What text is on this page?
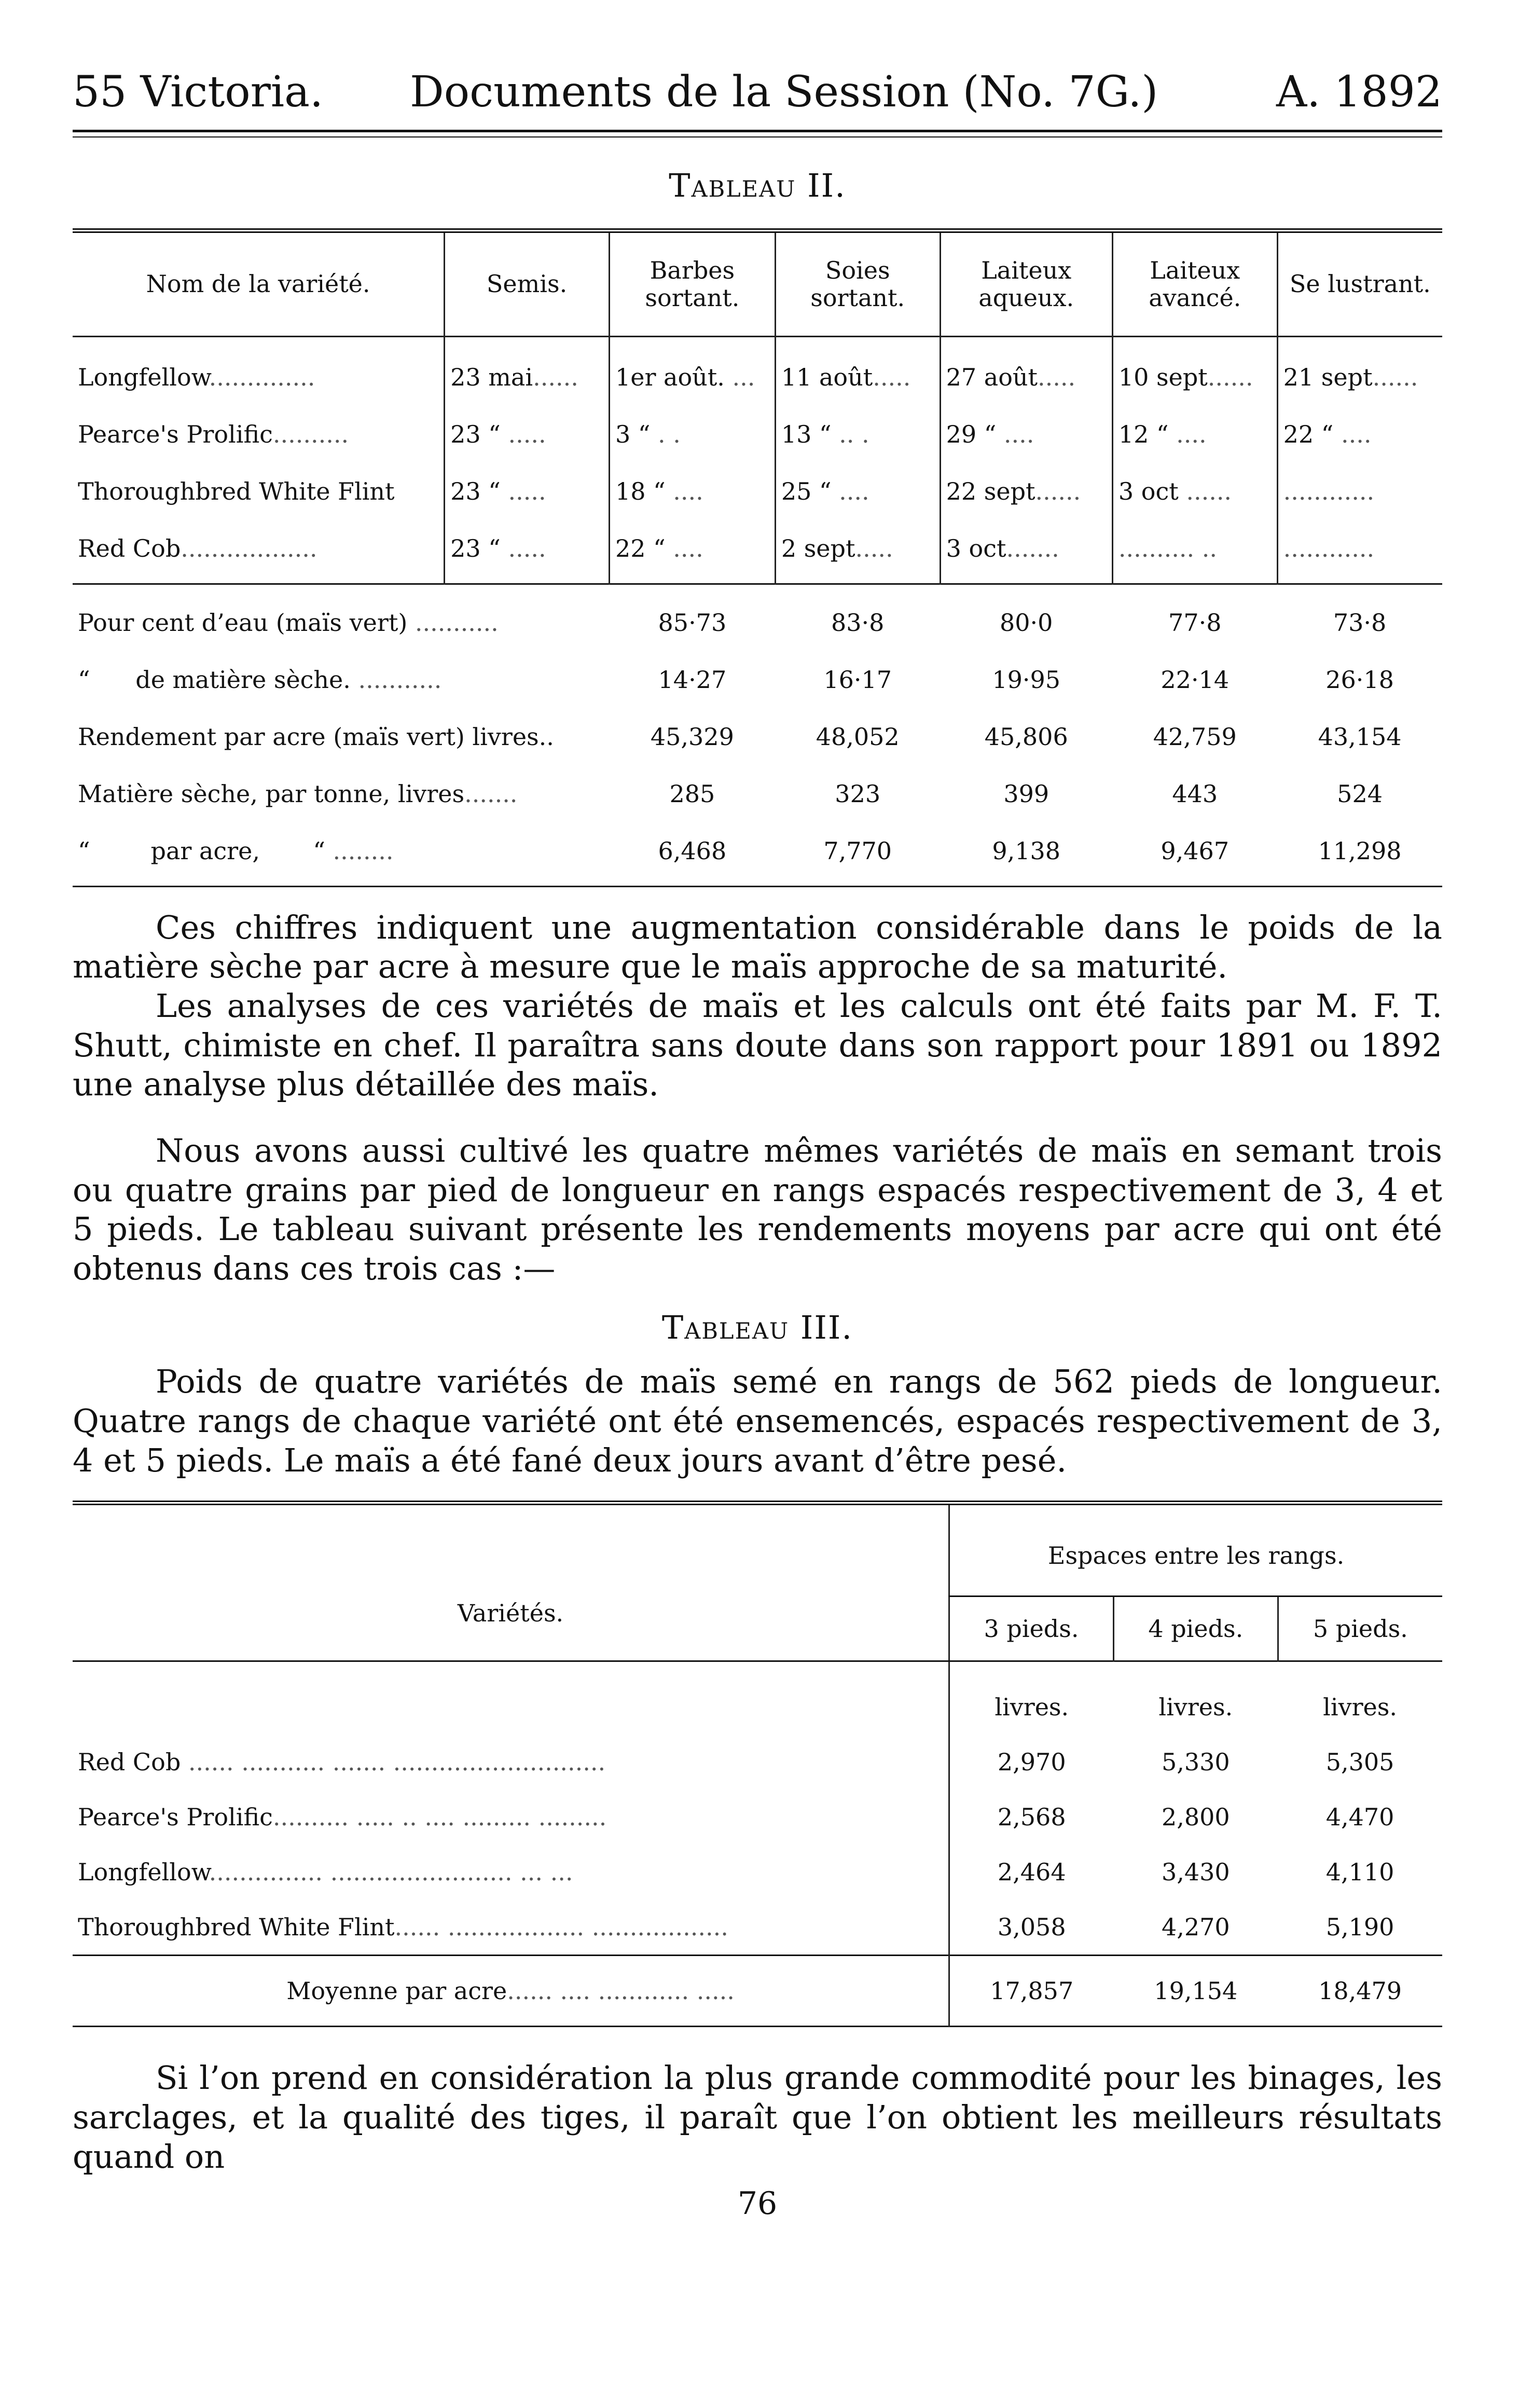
55 Victoria. Documents de la Session (No. 7G.)	A. 1892
Tableau II.
Nom de la variété.	Semis.	Barbes sortant.	Soies sortant.	Laiteux aqueux.	Laiteux avancé.	Se lustrant.
Longfellow..............	23 mai......	1er août. ...	11 août.....	27 août.....	10 sept......	21 sept......
Pearce's Prolific..........	23 “ .....	3 “ . .	13 “ .. .	29 “ ....	12 “ ....	22 “ ....
Thoroughbred White Flint	23 “ .....	18 “ ....	25 “ ....	22 sept......	3 oct ......	............
Red Cob..................	23 “ .....	22 “ ....	2 sept.....	3 oct.......	.......... ..	............
Pour cent d’eau (maïs vert) ...........		85·73	83·8	80·0	77·8	73·8
“      de matière sèche. ...........		14·27	16·17	19·95	22·14	26·18
Rendement par acre (maïs vert) livres..		45,329	48,052	45,806	42,759	43,154
Matière sèche, par tonne, livres.......		285	323	399	443	524
“        par acre,       “ ........		6,468	7,770	9,138	9,467	11,298

Ces chiffres indiquent une augmentation considérable dans le poids de la matière sèche par acre à mesure que le maïs approche de sa maturité.

Les analyses de ces variétés de maïs et les calculs ont été faits par M. F. T. Shutt, chimiste en chef. Il paraîtra sans doute dans son rapport pour 1891 ou 1892 une analyse plus détaillée des maïs.

Nous avons aussi cultivé les quatre mêmes variétés de maïs en semant trois ou quatre grains par pied de longueur en rangs espacés respectivement de 3, 4 et 5 pieds. Le tableau suivant présente les rendements moyens par acre qui ont été obtenus dans ces trois cas :—

Tableau III.

Poids de quatre variétés de maïs semé en rangs de 562 pieds de longueur. Quatre rangs de chaque variété ont été ensemencés, espacés respectivement de 3, 4 et 5 pieds. Le maïs a été fané deux jours avant d’être pesé.

Variétés.	Espaces entre les rangs.		
	3 pieds.	4 pieds.	5 pieds.
	livres.	livres.	livres.
Red Cob ...... ........... ....... ............................	2,970	5,330	5,305
Pearce's Prolific.......... ..... .. .... ......... .........	2,568	2,800	4,470
Longfellow............... ........................ ... ...	2,464	3,430	4,110
Thoroughbred White Flint...... .................. ..................	3,058	4,270	5,190
Moyenne par acre...... .... ............ .....	17,857	19,154	18,479

Si l’on prend en considération la plus grande commodité pour les binages, les sarclages, et la qualité des tiges, il paraît que l’on obtient les meilleurs résultats quand on

76
